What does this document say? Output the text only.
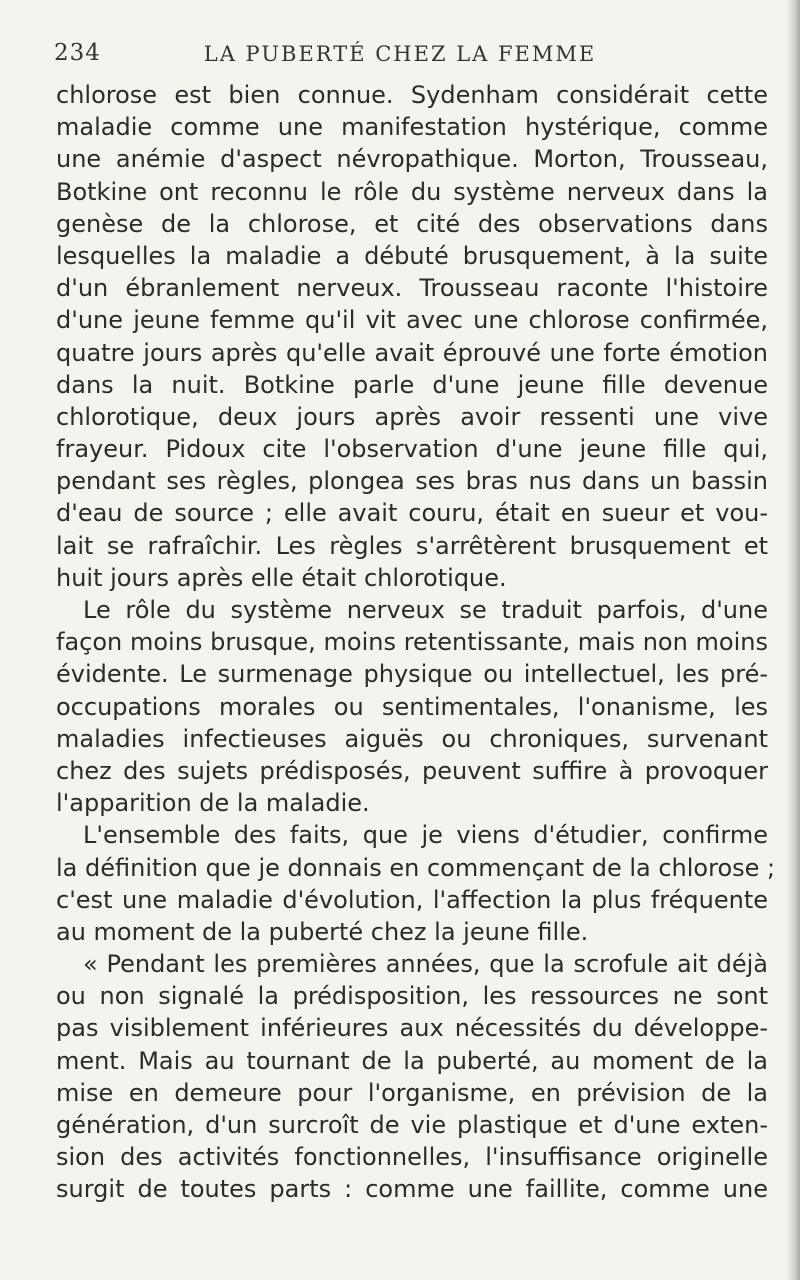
234	LA PUBERTÉ CHEZ LA FEMME
chlorose est bien connue. Sydenham considérait cette
maladie comme une manifestation hystérique, comme
une anémie d'aspect névropathique. Morton, Trousseau,
Botkine ont reconnu le rôle du système nerveux dans la
genèse de la chlorose, et cité des observations dans
lesquelles la maladie a débuté brusquement, à la suite
d'un ébranlement nerveux. Trousseau raconte l'histoire
d'une jeune femme qu'il vit avec une chlorose confirmée,
quatre jours après qu'elle avait éprouvé une forte émotion
dans la nuit. Botkine parle d'une jeune fille devenue
chlorotique, deux jours après avoir ressenti une vive
frayeur. Pidoux cite l'observation d'une jeune fille qui,
pendant ses règles, plongea ses bras nus dans un bassin
d'eau de source ; elle avait couru, était en sueur et vou-
lait se rafraîchir. Les règles s'arrêtèrent brusquement et
huit jours après elle était chlorotique.
Le rôle du système nerveux se traduit parfois, d'une
façon moins brusque, moins retentissante, mais non moins
évidente. Le surmenage physique ou intellectuel, les pré-
occupations morales ou sentimentales, l'onanisme, les
maladies infectieuses aiguës ou chroniques, survenant
chez des sujets prédisposés, peuvent suffire à provoquer
l'apparition de la maladie.
L'ensemble des faits, que je viens d'étudier, confirme
la définition que je donnais en commençant de la chlorose ;
c'est une maladie d'évolution, l'affection la plus fréquente
au moment de la puberté chez la jeune fille.
« Pendant les premières années, que la scrofule ait déjà
ou non signalé la prédisposition, les ressources ne sont
pas visiblement inférieures aux nécessités du développe-
ment. Mais au tournant de la puberté, au moment de la
mise en demeure pour l'organisme, en prévision de la
génération, d'un surcroît de vie plastique et d'une exten-
sion des activités fonctionnelles, l'insuffisance originelle
surgit de toutes parts : comme une faillite, comme une
